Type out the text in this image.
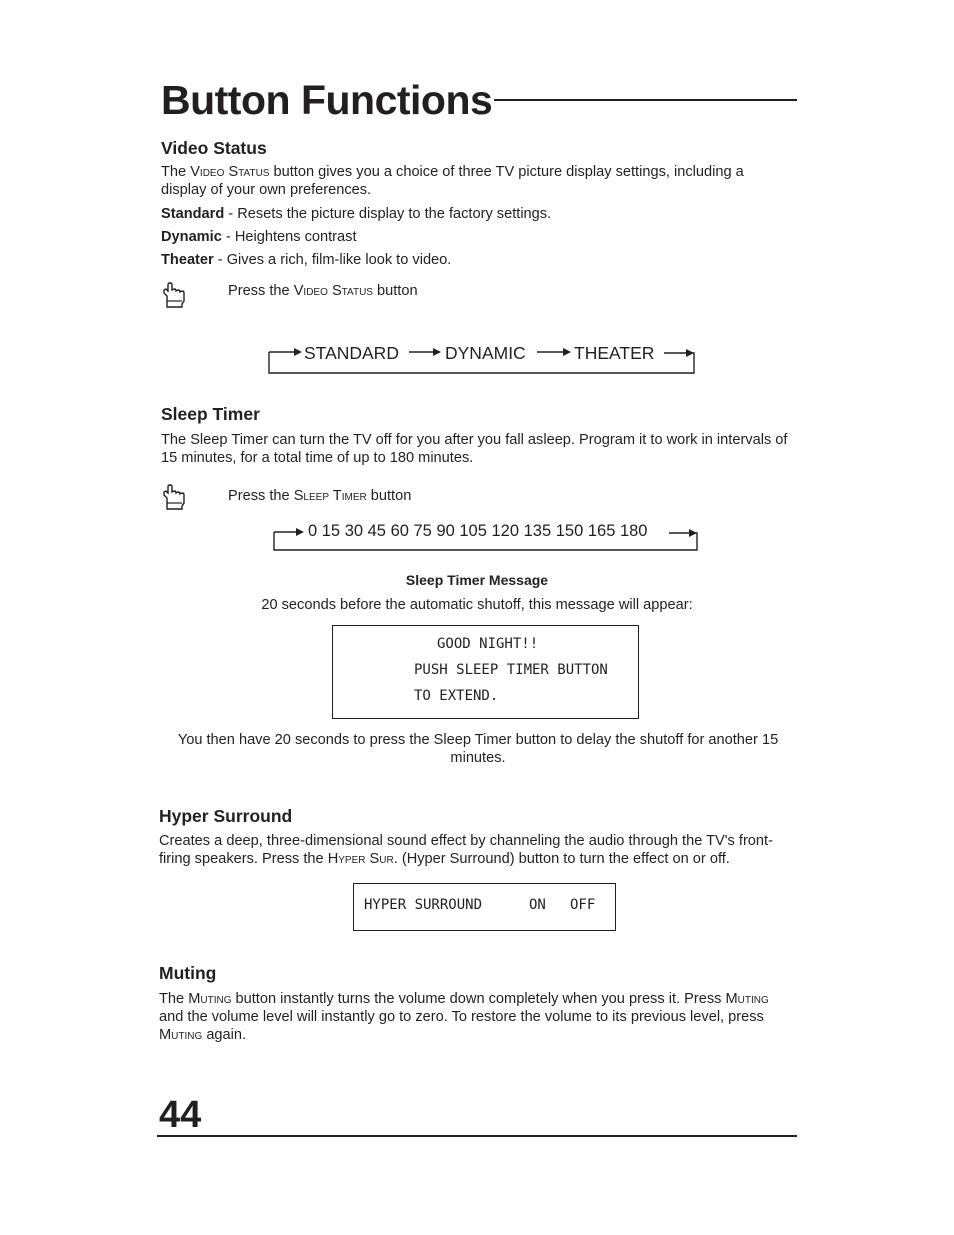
Button Functions
Video Status

The Video Status button gives you a choice of three TV picture display settings, including a display of your own preferences.

Standard - Resets the picture display to the factory settings.

Dynamic - Heightens contrast

Theater - Gives a rich, film-like look to video.

Press the Video Status button

STANDARD	DYNAMIC	THEATER
Sleep Timer

The Sleep Timer can turn the TV off for you after you fall asleep. Program it to work in intervals of 15 minutes, for a total time of up to 180 minutes.

Press the Sleep Timer button

0 15 30 45 60 75 90 105 120 135 150 165 180

Sleep Timer Message

20 seconds before the automatic shutoff, this message will appear:

GOOD NIGHT!!
PUSH SLEEP TIMER BUTTON
TO EXTEND.

You then have 20 seconds to press the Sleep Timer button to delay the shutoff for another 15 minutes.

Hyper Surround

Creates a deep, three-dimensional sound effect by channeling the audio through the TV's front-firing speakers. Press the Hyper Sur. (Hyper Surround) button to turn the effect on or off.

HYPER SURROUND	ON OFF
Muting

The Muting button instantly turns the volume down completely when you press it. Press Muting and the volume level will instantly go to zero. To restore the volume to its previous level, press Muting again.

44
